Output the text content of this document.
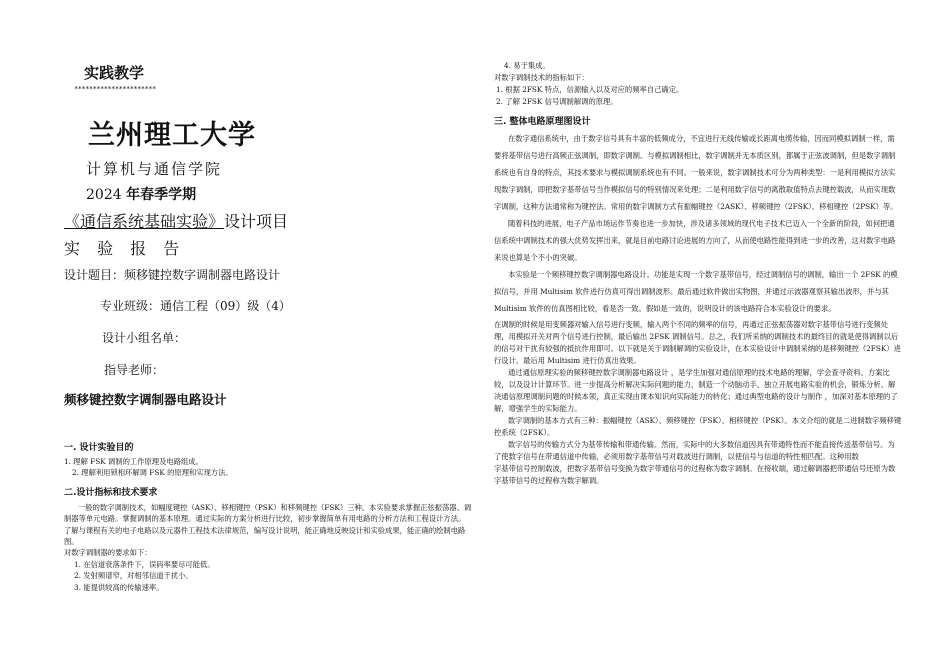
实践教学

**********************

兰州理工大学

计算机与通信学院

2024 年春季学期

《通信系统基础实验》设计项目

实 验 报 告

设计题目：频移键控数字调制器电路设计

专业班级：通信工程（09）级（4）

设计小组名单：

指导老师：

频移键控数字调制器电路设计

一. 设计实验目的

1. 理解 FSK 调制的工作原理及电路组成。

2. 理解利用锁相环解调 FSK 的原理和实现方法。

二.设计指标和技术要求

一般的数字调制技术，如幅度键控（ASK）、移相键控（PSK）和移频键控（FSK）三种。本实验要求掌握正弦振荡器、调制器等单元电路。掌握调制的基本原理。通过实际的方案分析进行比较，初步掌握简单有用电路的分析方法和工程设计方法。

了解与课程有关的电子电路以及元器件工程技术法律规范，编写设计说明，能正确地反映设计和实验成果，能正确的绘制电路图。

对数字调制器的要求如下：

1. 在信道衰落条件下，误码率要尽可能低。

2. 发射频谱窄，对相邻信道干扰小。

3. 能提供较高的传输速率。

4. 易于集成。

对数字调制技术的指标如下：

1. 根据 2FSK 特点，信源输入以及对应的频率自己确定。

2. 了解 2FSK 信号调制解调的原理。

三. 整体电路原理图设计

在数字通信系统中，由于数字信号具有丰富的低频成分，不宜进行无线传输或长距离电缆传输，因而同模拟调制一样，需要将基带信号进行高频正弦调制，即数字调制。与模拟调制相比，数字调制并无本质区别，都属于正弦波调制，但是数字调制系统也有自身的特点，其技术要求与模拟调制系统也有不同。一般来说，数字调制技术可分为两种类型：一是利用模拟方法实现数字调制，即把数字基带信号当作模拟信号的特别情况来处理；二是利用数字信号的离散取值特点去键控载波，从而实现数字调制，这种方法通常称为键控法。常用的数字调制方式有振幅键控（2ASK）、移频键控（2FSK）、移相键控（2PSK）等。

随着科技的进展，电子产品市场运作节奏也进一步加快，涉及诸多领域的现代电子技术已迈入一个全新的阶段，如何把通信系统中调制技术的强大优势发挥出来，就是目前电路讨论进展的方向了，从而使电路性能得到进一步的改善，这对数字电路来说也算是个不小的突破。

本实验是一个频移键控数字调制器电路设计。功能是实现一个数字基带信号，经过调制信号的调制，输出一个 2FSK 的模拟信号，并用 Multisim 软件进行仿真可得出调制波形。最后通过软件做出实物图，并通过示波器观察其输出波形，并与其 Multisim 软件的仿真图相比较，看是否一致。假如是一致的，说明设计的该电路符合本实验设计的要求。

在调制的时候是用变频器对输入信号进行变频，输入两个不同的频率的信号，再通过正弦振荡器对数字基带信号进行变频处理，用模拟开关对两个信号进行控制，最后输出 2FSK 调制信号。总之，我们所采纳的调制技术的最终目的就是使得调制以后的信号对干扰有较强的抵抗作用即可。以下就是关于调制解调的实验设计，在本实验设计中调制采纳的是移频键控（2FSK）进行设计，最后用 Multisim 进行仿真出效果。

通过通信原理实验的频移键控数字调制器电路设计 ，是学生加强对通信原理的技术电路的理解，学会查寻资料、方案比较，以及设计计算环节。进一步提高分析解决实际问题的能力，制造一个动脑动手、独立开展电路实验的机会，锻炼分析、解决通信原理调制问题的时候本领，真正实现由课本知识向实际能力的转化；通过典型电路的设计与制作 ，加深对基本原理的了解，增强学生的实际能力。

数字调制的基本方式有三种：振幅键控（ASK）、频移键控（FSK）、相移键控（PSK）。本文介绍的就是二进制数字频移键控系统（2FSK）。

数字信号的传输方式分为基带传输和带通传输。然而，实际中的大多数信道因具有带通特性而不能直接传送基带信号。为了使数字信号在带通信道中传输，必须用数字基带信号对载波进行调制，以使信号与信道的特性相匹配。这种用数

字基带信号控制载波，把数字基带信号变换为数字带通信号的过程称为数字调制。在接收端，通过解调器把带通信号还原为数字基带信号的过程称为数字解调。
